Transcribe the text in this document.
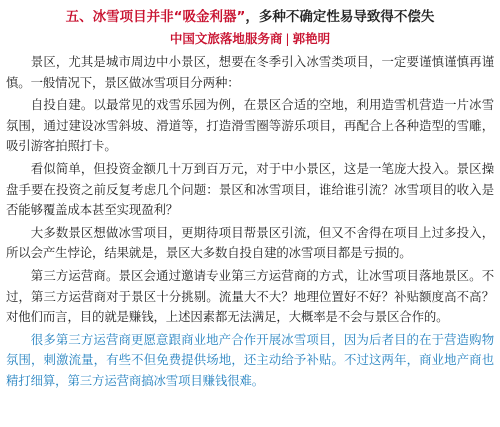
五、冰雪项目并非“吸金利器”，多种不确定性易导致得不偿失
中国文旅落地服务商 | 郭艳明

景区，尤其是城市周边中小景区，想要在冬季引入冰雪类项目，一定要谨慎谨慎再谨慎。一般情况下，景区做冰雪项目分两种：

自投自建。以最常见的戏雪乐园为例，在景区合适的空地，利用造雪机营造一片冰雪氛围，通过建设冰雪斜坡、滑道等，打造滑雪圈等游乐项目，再配合上各种造型的雪雕，吸引游客拍照打卡。

看似简单，但投资金额几十万到百万元，对于中小景区，这是一笔庞大投入。景区操盘手要在投资之前反复考虑几个问题：景区和冰雪项目，谁给谁引流？冰雪项目的收入是否能够覆盖成本甚至实现盈利？

大多数景区想做冰雪项目，更期待项目帮景区引流，但又不舍得在项目上过多投入，所以会产生悖论，结果就是，景区大多数自投自建的冰雪项目都是亏损的。

第三方运营商。景区会通过邀请专业第三方运营商的方式，让冰雪项目落地景区。不过，第三方运营商对于景区十分挑剔。流量大不大？地理位置好不好？补贴额度高不高？对他们而言，目的就是赚钱，上述因素都无法满足，大概率是不会与景区合作的。

很多第三方运营商更愿意跟商业地产合作开展冰雪项目，因为后者目的在于营造购物氛围，刺激流量，有些不但免费提供场地，还主动给予补贴。不过这两年，商业地产商也精打细算，第三方运营商搞冰雪项目赚钱很难。
